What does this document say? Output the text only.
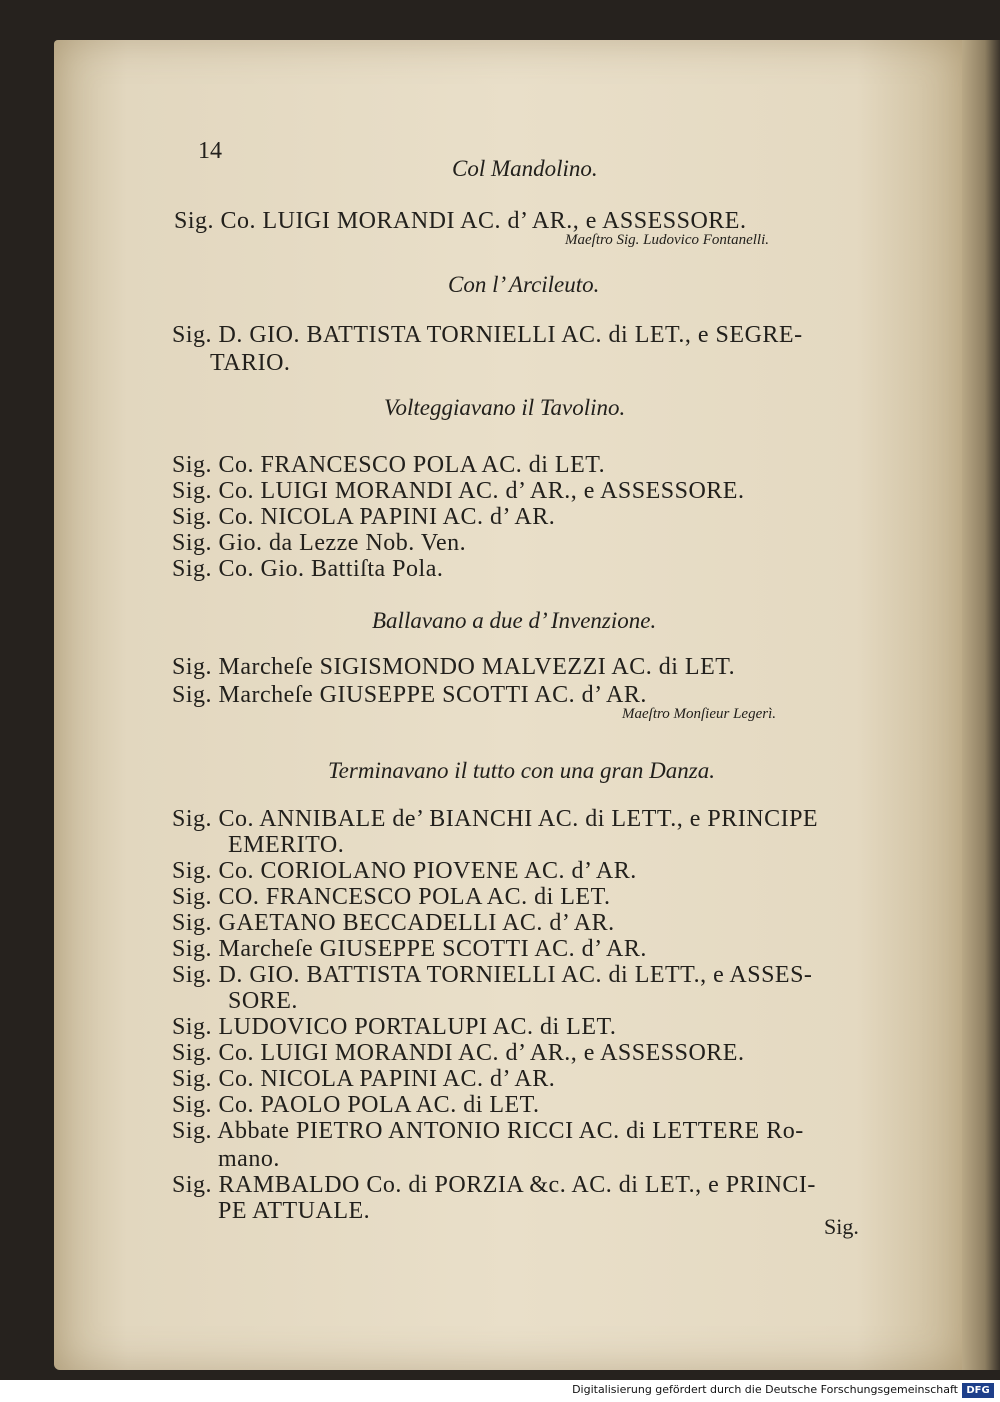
14
Col Mandolino.
Sig. Co. LUIGI MORANDI AC. d’ AR., e ASSESSORE.
Maeſtro Sig. Ludovico Fontanelli.
Con l’ Arcileuto.
Sig. D. GIO. BATTISTA TORNIELLI AC. di LET., e SEGRE-
TARIO.
Volteggiavano il Tavolino.
Sig. Co. FRANCESCO POLA AC. di LET.
Sig. Co. LUIGI MORANDI AC. d’ AR., e ASSESSORE.
Sig. Co. NICOLA PAPINI AC. d’ AR.
Sig. Gio. da Lezze Nob. Ven.
Sig. Co. Gio. Battiſta Pola.
Ballavano a due d’ Invenzione.
Sig. Marcheſe SIGISMONDO MALVEZZI AC. di LET.
Sig. Marcheſe GIUSEPPE SCOTTI AC. d’ AR.
Maeſtro Monſieur Legerì.
Terminavano il tutto con una gran Danza.
Sig. Co. ANNIBALE de’ BIANCHI AC. di LETT., e PRINCIPE
EMERITO.
Sig. Co. CORIOLANO PIOVENE AC. d’ AR.
Sig. CO. FRANCESCO POLA AC. di LET.
Sig. GAETANO BECCADELLI AC. d’ AR.
Sig. Marcheſe GIUSEPPE SCOTTI AC. d’ AR.
Sig. D. GIO. BATTISTA TORNIELLI AC. di LETT., e ASSES-
SORE.
Sig. LUDOVICO PORTALUPI AC. di LET.
Sig. Co. LUIGI MORANDI AC. d’ AR., e ASSESSORE.
Sig. Co. NICOLA PAPINI AC. d’ AR.
Sig. Co. PAOLO POLA AC. di LET.
Sig. Abbate PIETRO ANTONIO RICCI AC. di LETTERE Ro-
mano.
Sig. RAMBALDO Co. di PORZIA &c. AC. di LET., e PRINCI-
PE ATTUALE.
Sig.
Digitalisierung gefördert durch die Deutsche Forschungsgemeinschaft DFG
